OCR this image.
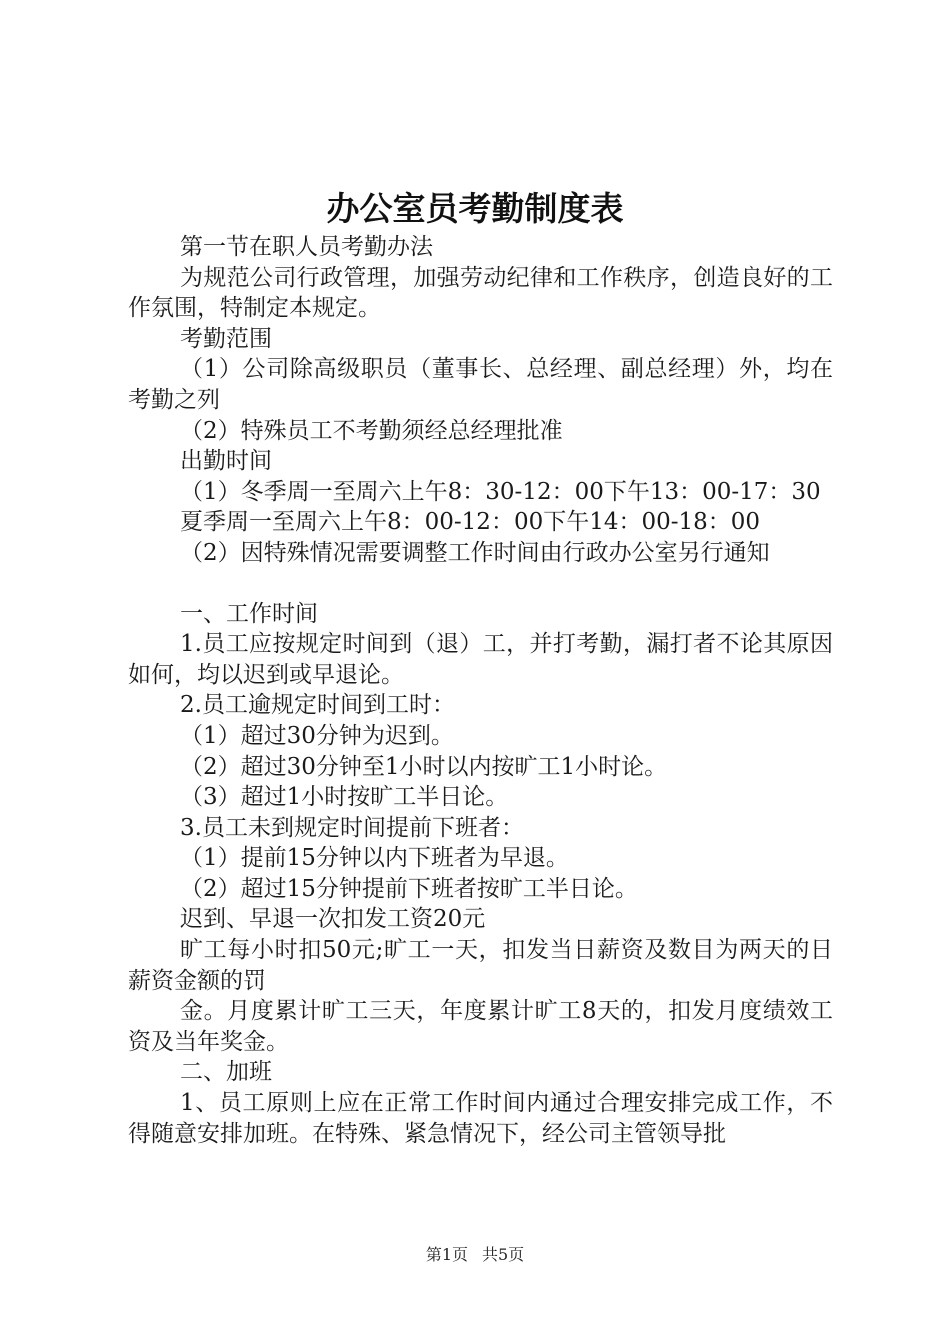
办公室员考勤制度表

第一节在职人员考勤办法

为规范公司行政管理，加强劳动纪律和工作秩序，创造良好的工作氛围，特制定本规定。

考勤范围

（1）公司除高级职员（董事长、总经理、副总经理）外，均在考勤之列

（2）特殊员工不考勤须经总经理批准

出勤时间

（1）冬季周一至周六上午8：30-12：00下午13：00-17：30

夏季周一至周六上午8：00-12：00下午14：00-18：00

（2）因特殊情况需要调整工作时间由行政办公室另行通知

一、工作时间

1.员工应按规定时间到（退）工，并打考勤，漏打者不论其原因如何，均以迟到或早退论。

2.员工逾规定时间到工时：

（1）超过30分钟为迟到。

（2）超过30分钟至1小时以内按旷工1小时论。

（3）超过1小时按旷工半日论。

3.员工未到规定时间提前下班者：

（1）提前15分钟以内下班者为早退。

（2）超过15分钟提前下班者按旷工半日论。

迟到、早退一次扣发工资20元

旷工每小时扣50元;旷工一天，扣发当日薪资及数目为两天的日薪资金额的罚

金。月度累计旷工三天，年度累计旷工8天的，扣发月度绩效工资及当年奖金。

二、加班

1、员工原则上应在正常工作时间内通过合理安排完成工作，不得随意安排加班。在特殊、紧急情况下，经公司主管领导批

第1页 共5页
